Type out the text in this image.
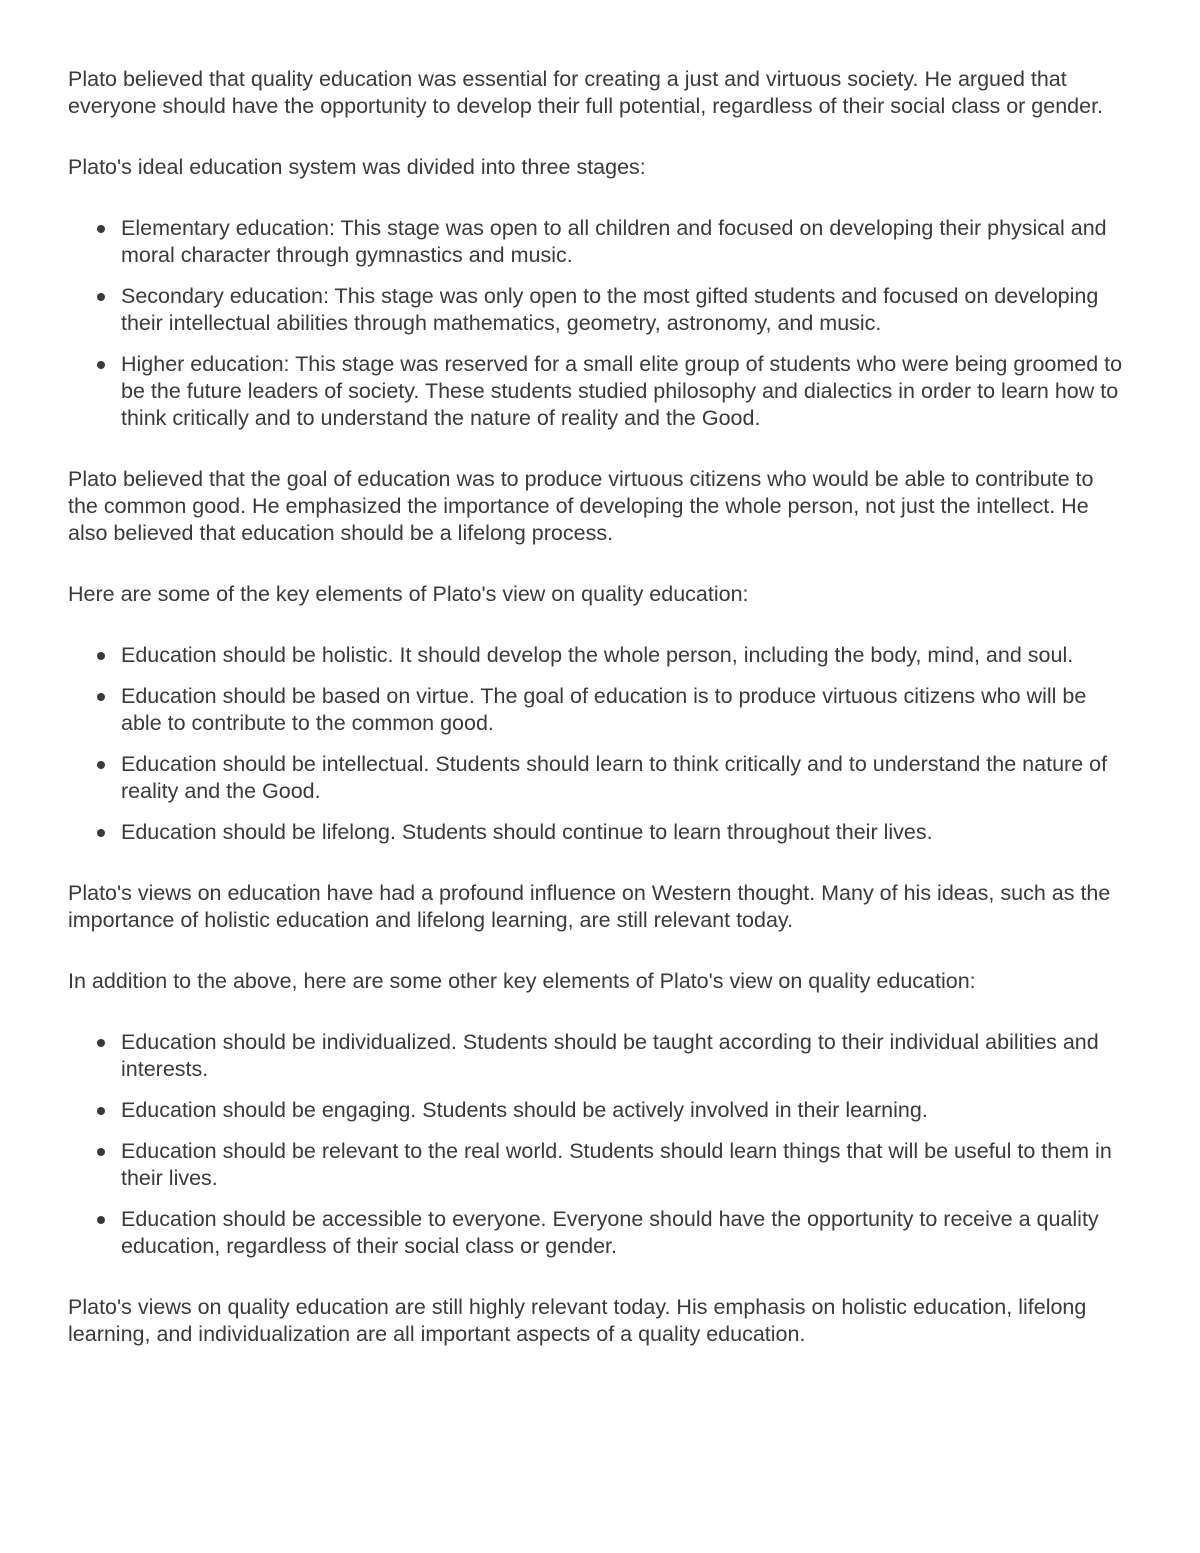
Plato believed that quality education was essential for creating a just and virtuous society. He argued that everyone should have the opportunity to develop their full potential, regardless of their social class or gender.

Plato's ideal education system was divided into three stages:

Elementary education: This stage was open to all children and focused on developing their physical and moral character through gymnastics and music.
Secondary education: This stage was only open to the most gifted students and focused on developing their intellectual abilities through mathematics, geometry, astronomy, and music.
Higher education: This stage was reserved for a small elite group of students who were being groomed to be the future leaders of society. These students studied philosophy and dialectics in order to learn how to think critically and to understand the nature of reality and the Good.

Plato believed that the goal of education was to produce virtuous citizens who would be able to contribute to the common good. He emphasized the importance of developing the whole person, not just the intellect. He also believed that education should be a lifelong process.

Here are some of the key elements of Plato's view on quality education:

Education should be holistic. It should develop the whole person, including the body, mind, and soul.
Education should be based on virtue. The goal of education is to produce virtuous citizens who will be able to contribute to the common good.
Education should be intellectual. Students should learn to think critically and to understand the nature of reality and the Good.
Education should be lifelong. Students should continue to learn throughout their lives.

Plato's views on education have had a profound influence on Western thought. Many of his ideas, such as the importance of holistic education and lifelong learning, are still relevant today.

In addition to the above, here are some other key elements of Plato's view on quality education:

Education should be individualized. Students should be taught according to their individual abilities and interests.
Education should be engaging. Students should be actively involved in their learning.
Education should be relevant to the real world. Students should learn things that will be useful to them in their lives.
Education should be accessible to everyone. Everyone should have the opportunity to receive a quality education, regardless of their social class or gender.

Plato's views on quality education are still highly relevant today. His emphasis on holistic education, lifelong learning, and individualization are all important aspects of a quality education.
